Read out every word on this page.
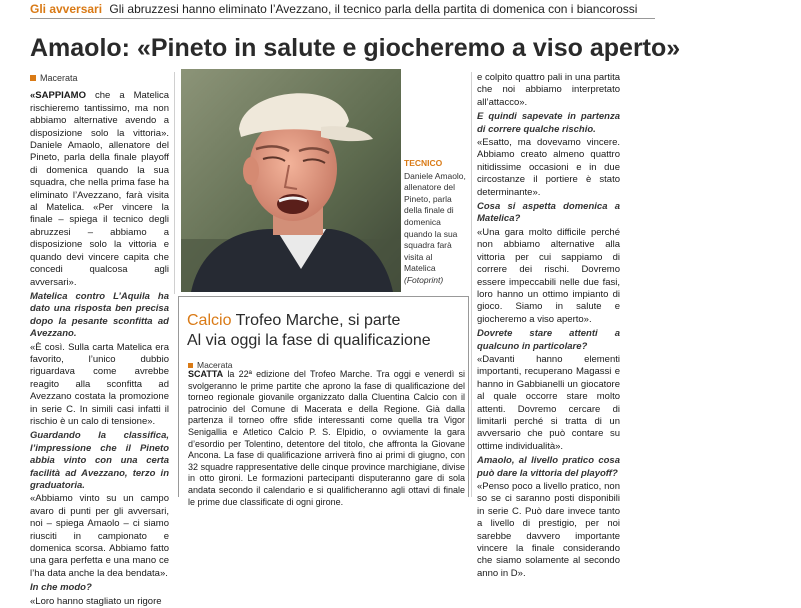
Gli avversari Gli abruzzesi hanno eliminato l’Avezzano, il tecnico parla della partita di domenica con i biancorossi
Amaolo: «Pineto in salute e giocheremo a viso aperto»
Macerata

«SAPPIAMO che a Matelica rischieremo tantissimo, ma non abbiamo alternative avendo a disposizione solo la vittoria». Daniele Amaolo, allenatore del Pineto, parla della finale playoff di domenica quando la sua squadra, che nella prima fase ha eliminato l’Avezzano, farà visita al Matelica. «Per vincere la finale – spiega il tecnico degli abruzzesi – abbiamo a disposizione solo la vittoria e quando devi vincere capita che concedi qualcosa agli avversari».

Matelica contro L’Aquila ha dato una risposta ben precisa dopo la pesante sconfitta ad Avezzano.

«È così. Sulla carta Matelica era favorito, l’unico dubbio riguardava come avrebbe reagito alla sconfitta ad Avezzano costata la promozione in serie C. In simili casi infatti il rischio è un calo di tensione».

Guardando la classifica, l’impressione che il Pineto abbia vinto con una certa facilità ad Avezzano, terzo in graduatoria.

«Abbiamo vinto su un campo avaro di punti per gli avversari, noi – spiega Amaolo – ci siamo riusciti in campionato e domenica scorsa. Abbiamo fatto una gara perfetta e una mano ce l’ha data anche la dea bendata».

In che modo?

«Loro hanno stagliato un rigore

TECNICO
Daniele Amaolo, allenatore del Pineto, parla della finale di domenica quando la sua squadra farà visita al Matelica (Fotoprint)

e colpito quattro pali in una partita che noi abbiamo interpretato all’attacco».

E quindi sapevate in partenza di correre qualche rischio.

«Esatto, ma dovevamo vincere. Abbiamo creato almeno quattro nitidissime occasioni e in due circostanze il portiere è stato determinante».

Cosa si aspetta domenica a Matelica?

«Una gara molto difficile perché non abbiamo alternative alla vittoria per cui sappiamo di correre dei rischi. Dovremo essere impeccabili nelle due fasi, loro hanno un ottimo impianto di gioco. Siamo in salute e giocheremo a viso aperto».

Dovrete stare attenti a qualcuno in particolare?

«Davanti hanno elementi importanti, recuperano Magassi e hanno in Gabbianelli un giocatore al quale occorre stare molto attenti. Dovremo cercare di limitarli perché si tratta di un avversario che può contare su ottime individualità».

Amaolo, al livello pratico cosa può dare la vittoria del playoff?

«Penso poco a livello pratico, non so se ci saranno posti disponibili in serie C. Può dare invece tanto a livello di prestigio, per noi sarebbe davvero importante vincere la finale considerando che siamo solamente al secondo anno in D».

Calcio Trofeo Marche, si parte
Al via oggi la fase di qualificazione
Macerata
SCATTA la 22ª edizione del Trofeo Marche. Tra oggi e venerdì si svolgeranno le prime partite che aprono la fase di qualificazione del torneo regionale giovanile organizzato dalla Cluentina Calcio con il patrocinio del Comune di Macerata e della Regione. Già dalla partenza il torneo offre sfide interessanti come quella tra Vigor Senigallia e Atletico Calcio P. S. Elpidio, o ovviamente la gara d’esordio per Tolentino, detentore del titolo, che affronta la Giovane Ancona. La fase di qualificazione arriverà fino ai primi di giugno, con 32 squadre rappresentative delle cinque province marchigiane, divise in otto gironi. Le formazioni partecipanti disputeranno gare di sola andata secondo il calendario e si qualificheranno agli ottavi di finale le prime due classificate di ogni girone.
